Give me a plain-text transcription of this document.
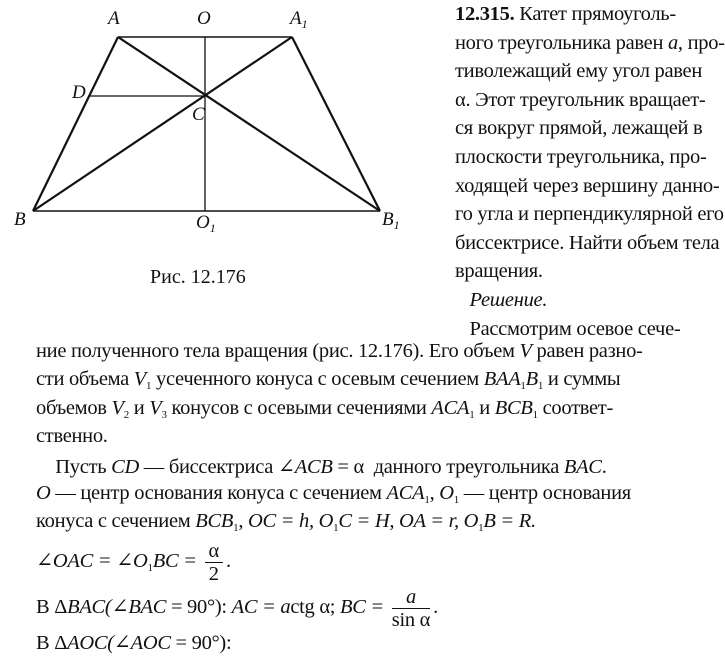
A	O	$A_1$
D
C
B	$O_1$	$B_1$
Рис. 12.176
12.315. Катет прямоуголь-
ного треугольника равен a, про-
тиволежащий ему угол равен
α. Этот треугольник вращает-
ся вокруг прямой, лежащей в
плоскости треугольника, про-
ходящей через вершину данно-
го угла и перпендикулярной его
биссектрисе. Найти объем тела
вращения.
Решение.
Рассмотрим осевое сече-
ние полученного тела вращения (рис. 12.176). Его объем V равен разно-
сти объема $V_1$ усеченного конуса с осевым сечением $BAA_1B_1$ и суммы
объемов $V_2$ и $V_3$ конусов с осевыми сечениями $ACA_1$ и $BCB_1$ соответ-
ственно.
Пусть CD — биссектриса ∠ACB = α  данного треугольника BAC.
O — центр основания конуса с сечением $ACA_1$, $O_1$ — центр основания
конуса с сечением $BCB_1$, OC = h, $O_1C = H$, OA = r, $O_1B = R$.
∠OAC = $\angle O_1BC = \frac{\alpha}{2}$ .
В ΔBAC(∠BAC = 90°): AC = actg α; BC = $\frac{a}{\text{sin α}}$ .
В ΔAOC(∠AOC = 90°):
